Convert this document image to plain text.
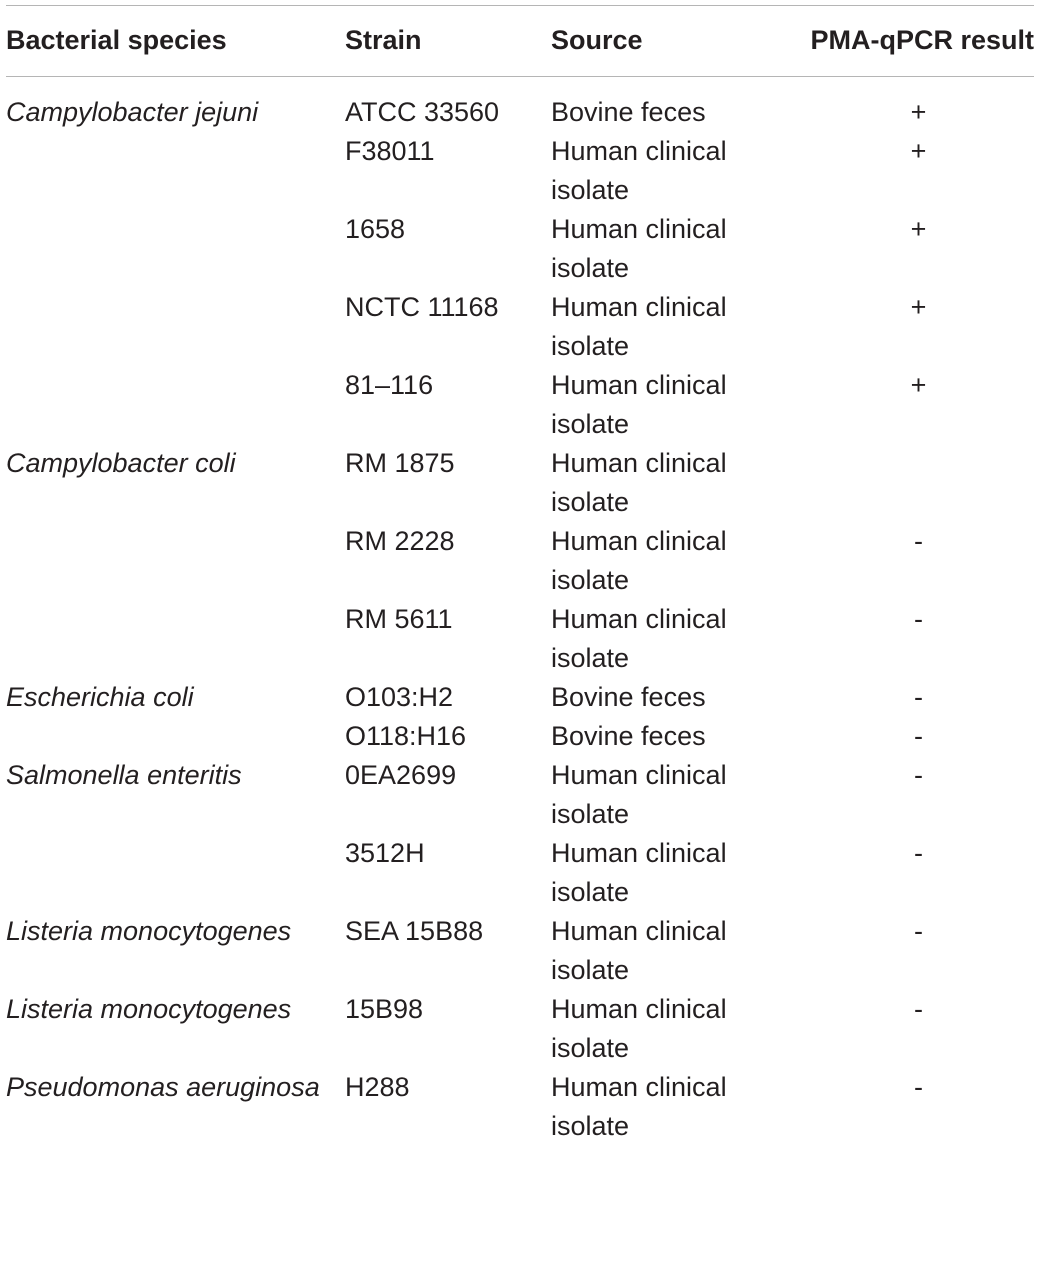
Bacterial species	Strain	Source	PMA-qPCR result
Campylobacter jejuni	ATCC 33560	Bovine feces	+
	F38011	Human clinical isolate	+
	1658	Human clinical isolate	+
	NCTC 11168	Human clinical isolate	+
	81–116	Human clinical isolate	+
Campylobacter coli	RM 1875	Human clinical isolate	
	RM 2228	Human clinical isolate	-
	RM 5611	Human clinical isolate	-
Escherichia coli	O103:H2	Bovine feces	-
	O118:H16	Bovine feces	-
Salmonella enteritis	0EA2699	Human clinical isolate	-
	3512H	Human clinical isolate	-
Listeria monocytogenes	SEA 15B88	Human clinical isolate	-
Listeria monocytogenes	15B98	Human clinical isolate	-
Pseudomonas aeruginosa	H288	Human clinical isolate	-
